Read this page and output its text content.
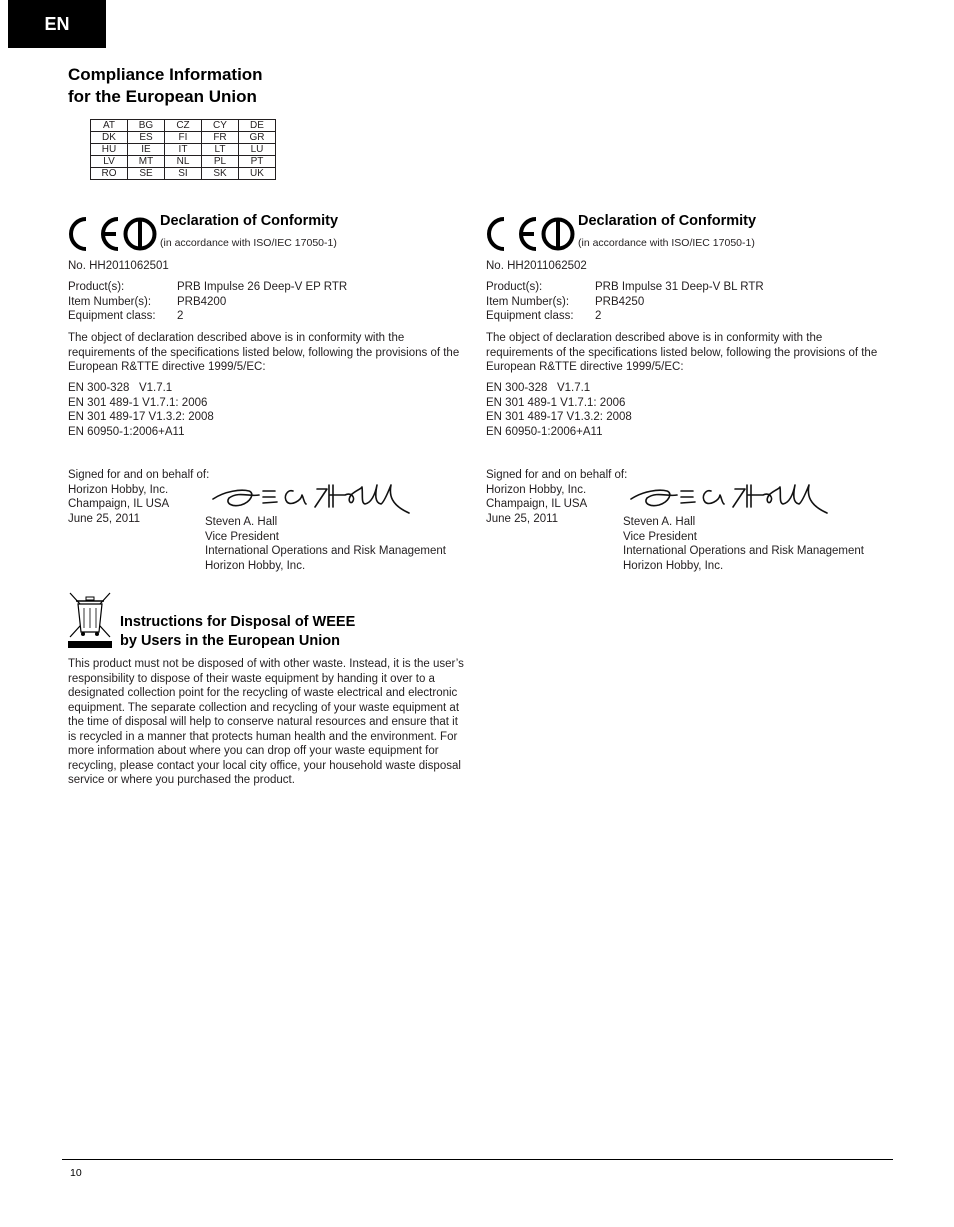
EN
Compliance Information
for the European Union
AT	BG	CZ	CY	DE
DK	ES	FI	FR	GR
HU	IE	IT	LT	LU
LV	MT	NL	PL	PT
RO	SE	SI	SK	UK
Declaration of Conformity
(in accordance with ISO/IEC 17050-1)

No. HH2011062501

Product(s):	PRB Impulse 26 Deep-V EP RTR
Item Number(s):	PRB4200
Equipment class:	2

The object of declaration described above is in conformity with the requirements of the specifications listed below, following the provisions of the European R&TTE directive 1999/5/EC:

EN 300-328   V1.7.1
EN 301 489-1 V1.7.1: 2006
EN 301 489-17 V1.3.2: 2008
EN 60950-1:2006+A11
Signed for and on behalf of:
Horizon Hobby, Inc.
Champaign, IL USA
June 25, 2011	Steven A. Hall
Vice President
International Operations and Risk Management
Horizon Hobby, Inc.
Declaration of Conformity
(in accordance with ISO/IEC 17050-1)

No. HH2011062502

Product(s):	PRB Impulse 31 Deep-V BL RTR
Item Number(s):	PRB4250
Equipment class:	2

The object of declaration described above is in conformity with the requirements of the specifications listed below, following the provisions of the European R&TTE directive 1999/5/EC:

EN 300-328   V1.7.1
EN 301 489-1 V1.7.1: 2006
EN 301 489-17 V1.3.2: 2008
EN 60950-1:2006+A11
Signed for and on behalf of:
Horizon Hobby, Inc.
Champaign, IL USA
June 25, 2011	Steven A. Hall
Vice President
International Operations and Risk Management
Horizon Hobby, Inc.
Instructions for Disposal of WEEE
by Users in the European Union

This product must not be disposed of with other waste. Instead, it is the user’s responsibility to dispose of their waste equipment by handing it over to a designated collection point for the recycling of waste electrical and electronic equipment. The separate collection and recycling of your waste equipment at the time of disposal will help to conserve natural resources and ensure that it is recycled in a manner that protects human health and the environment. For more information about where you can drop off your waste equipment for recycling, please contact your local city office, your household waste disposal service or where you purchased the product.

10
